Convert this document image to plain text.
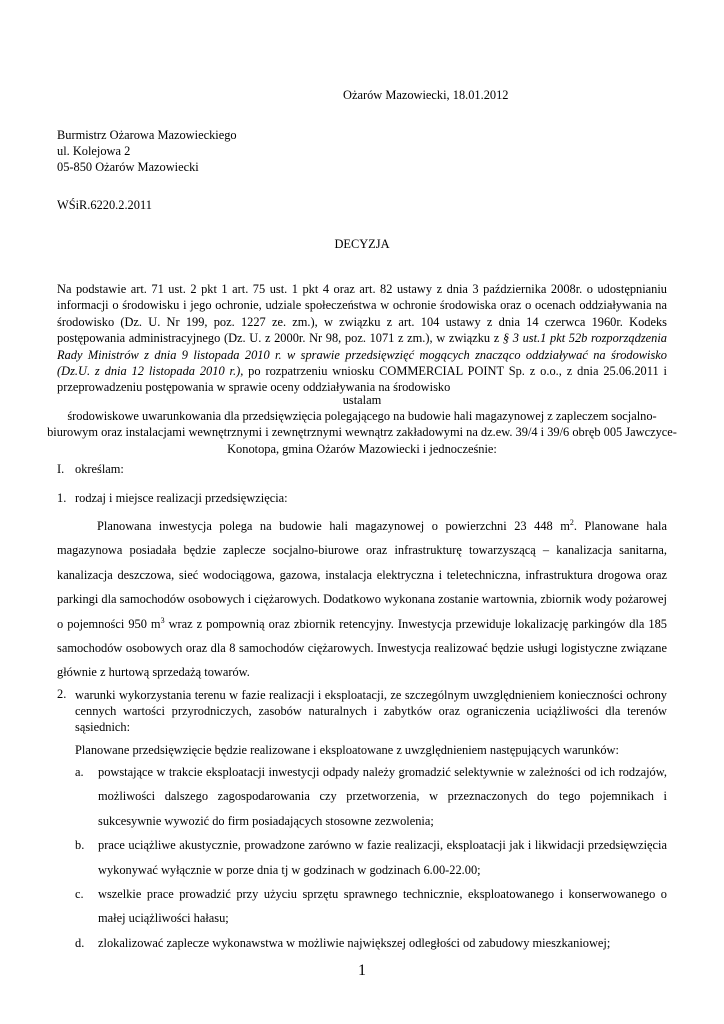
Ożarów Mazowiecki, 18.01.2012
Burmistrz Ożarowa Mazowieckiego
ul. Kolejowa 2
05-850 Ożarów Mazowiecki
WŚiR.6220.2.2011
DECYZJA

Na podstawie art. 71 ust. 2 pkt 1 art. 75 ust. 1 pkt 4 oraz art. 82 ustawy z dnia 3 października 2008r. o udostępnianiu informacji o środowisku i jego ochronie, udziale społeczeństwa w ochronie środowiska oraz o ocenach oddziaływania na środowisko (Dz. U. Nr 199, poz. 1227 ze. zm.), w związku z art. 104 ustawy z dnia 14 czerwca 1960r. Kodeks postępowania administracyjnego (Dz. U. z 2000r. Nr 98, poz. 1071 z zm.), w związku z § 3 ust.1 pkt 52b rozporządzenia Rady Ministrów z dnia 9 listopada 2010 r. w sprawie przedsięwzięć mogących znacząco oddziaływać na środowisko (Dz.U. z dnia 12 listopada 2010 r.), po rozpatrzeniu wniosku COMMERCIAL POINT Sp. z o.o., z dnia 25.06.2011 i przeprowadzeniu postępowania w sprawie oceny oddziaływania na środowisko

ustalam
środowiskowe uwarunkowania dla przedsięwzięcia polegającego na budowie hali magazynowej z zapleczem socjalno-biurowym oraz instalacjami wewnętrznymi i zewnętrznymi wewnątrz zakładowymi na dz.ew. 39/4 i 39/6 obręb 005 Jawczyce-Konotopa, gmina Ożarów Mazowiecki i jednocześnie:
I. określam:
1. rodzaj i miejsce realizacji przedsięwzięcia:

Planowana inwestycja polega na budowie hali magazynowej o powierzchni 23 448 $m^2$. Planowane hala magazynowa posiadała będzie zaplecze socjalno-biurowe oraz infrastrukturę towarzyszącą – kanalizacja sanitarna, kanalizacja deszczowa, sieć wodociągowa, gazowa, instalacja elektryczna i teletechniczna, infrastruktura drogowa oraz parkingi dla samochodów osobowych i ciężarowych. Dodatkowo wykonana zostanie wartownia, zbiornik wody pożarowej o pojemności 950 $m^3$ wraz z pompownią oraz zbiornik retencyjny. Inwestycja przewiduje lokalizację parkingów dla 185 samochodów osobowych oraz dla 8 samochodów ciężarowych. Inwestycja realizować będzie usługi logistyczne związane głównie z hurtową sprzedażą towarów.

2. warunki wykorzystania terenu w fazie realizacji i eksploatacji, ze szczególnym uwzględnieniem konieczności ochrony cennych wartości przyrodniczych, zasobów naturalnych i zabytków oraz ograniczenia uciążliwości dla terenów sąsiednich:
Planowane przedsięwzięcie będzie realizowane i eksploatowane z uwzględnieniem następujących warunków:
a. powstające w trakcie eksploatacji inwestycji odpady należy gromadzić selektywnie w zależności od ich rodzajów, możliwości dalszego zagospodarowania czy przetworzenia, w przeznaczonych do tego pojemnikach i sukcesywnie wywozić do firm posiadających stosowne zezwolenia;
b. prace uciążliwe akustycznie, prowadzone zarówno w fazie realizacji, eksploatacji jak i likwidacji przedsięwzięcia wykonywać wyłącznie w porze dnia tj w godzinach w godzinach 6.00-22.00;
c. wszelkie prace prowadzić przy użyciu sprzętu sprawnego technicznie, eksploatowanego i konserwowanego o małej uciążliwości hałasu;
d. zlokalizować zaplecze wykonawstwa w możliwie największej odległości od zabudowy mieszkaniowej;
1
